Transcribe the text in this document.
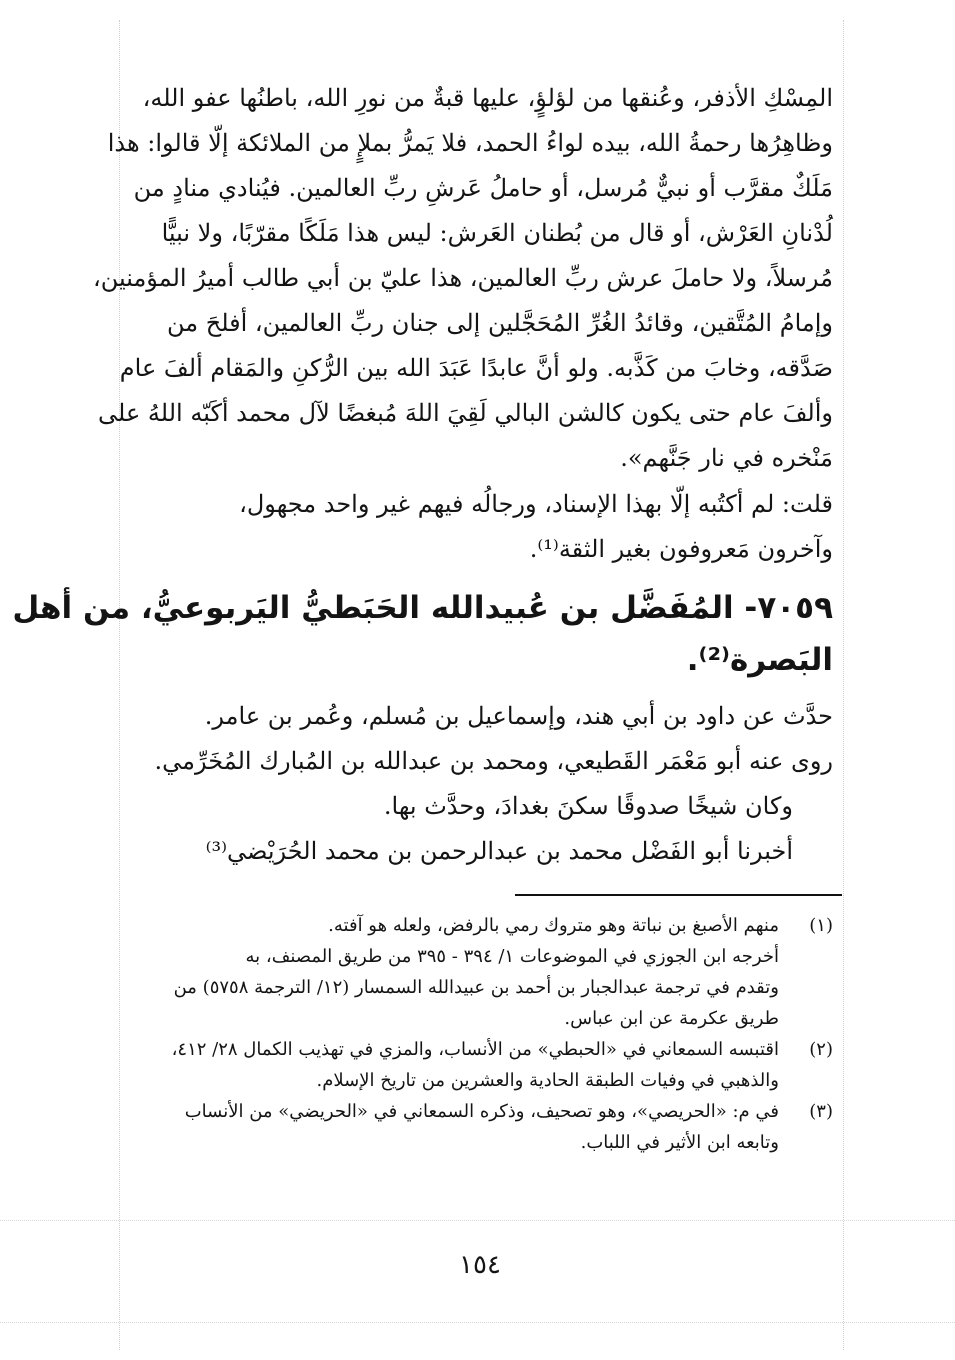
المِسْكِ الأذفر، وعُنقها من لؤلؤٍ، عليها قبةٌ من نورِ الله، باطنُها عفو الله،
وظاهِرُها رحمةُ الله، بيده لواءُ الحمد، فلا يَمرُّ بملإٍ من الملائكة إلّا قالوا: هذا
مَلَكٌ مقرَّب أو نبيٌّ مُرسل، أو حاملُ عَرشِ ربِّ العالمين. فيُنادي منادٍ من
لُدْنانِ العَرْش، أو قال من بُطنان العَرش: ليس هذا مَلَكًا مقرّبًا، ولا نبيًّا
مُرسلاً، ولا حاملَ عرش ربِّ العالمين، هذا عليّ بن أبي طالب أميرُ المؤمنين،
وإمامُ المُتَّقين، وقائدُ الغُرِّ المُحَجَّلين إلى جنان ربِّ العالمين، أفلحَ من
صَدَّقه، وخابَ من كَذَّبه. ولو أنَّ عابدًا عَبَدَ الله بين الرُّكنِ والمَقام ألفَ عام
وألفَ عام حتى يكون كالشن البالي لَقِيَ اللهَ مُبغضًا لآل محمد أكَبّه اللهُ على
مَنْخره في نار جَنَّهم».
قلت: لم أكتُبه إلّا بهذا الإسناد، ورجالُه فيهم غير واحد مجهول،
وآخرون مَعروفون بغير الثقة⁽¹⁾.
٧٠٥٩- المُفَضَّل بن عُبيدالله الحَبَطيُّ اليَربوعيُّ، من أهل
البَصرة⁽²⁾.
حدَّث عن داود بن أبي هند، وإسماعيل بن مُسلم، وعُمر بن عامر.
روى عنه أبو مَعْمَر القَطيعي، ومحمد بن عبدالله بن المُبارك المُخَرِّمي.
وكان شيخًا صدوقًا سكنَ بغدادَ، وحدَّث بها.
أخبرنا أبو الفَضْل محمد بن عبدالرحمن بن محمد الحُرَيْضي⁽³⁾
(١)
منهم الأصبغ بن نباتة وهو متروك رمي بالرفض، ولعله هو آفته.
أخرجه ابن الجوزي في الموضوعات ١/ ٣٩٤ - ٣٩٥ من طريق المصنف، به
وتقدم في ترجمة عبدالجبار بن أحمد بن عبيدالله السمسار (١٢/ الترجمة ٥٧٥٨) من
طريق عكرمة عن ابن عباس.
(٢)
اقتبسه السمعاني في «الحبطي» من الأنساب، والمزي في تهذيب الكمال ٢٨/ ٤١٢،
والذهبي في وفيات الطبقة الحادية والعشرين من تاريخ الإسلام.
(٣)
في م: «الحريصي»، وهو تصحيف، وذكره السمعاني في «الحريضي» من الأنساب
وتابعه ابن الأثير في اللباب.
١٥٤
